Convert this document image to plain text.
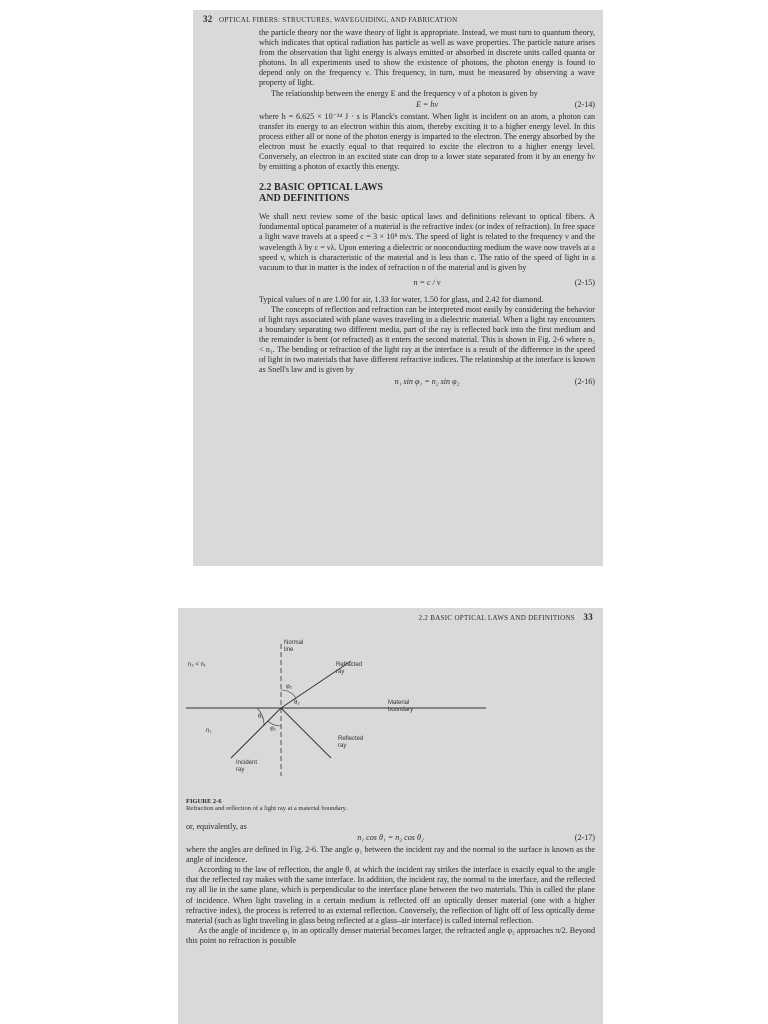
32 OPTICAL FIBERS: STRUCTURES, WAVEGUIDING, AND FABRICATION

the particle theory nor the wave theory of light is appropriate. Instead, we must turn to quantum theory, which indicates that optical radiation has particle as well as wave properties. The particle nature arises from the observation that light energy is always emitted or absorbed in discrete units called quanta or photons. In all experiments used to show the existence of photons, the photon energy is found to depend only on the frequency ν. This frequency, in turn, must be measured by observing a wave property of light.

The relationship between the energy E and the frequency ν of a photon is given by

E = hν	(2-14)

where h = 6.625 × 10⁻³⁴ J · s is Planck's constant. When light is incident on an atom, a photon can transfer its energy to an electron within this atom, thereby exciting it to a higher energy level. In this process either all or none of the photon energy is imparted to the electron. The energy absorbed by the electron must be exactly equal to that required to excite the electron to a higher energy level. Conversely, an electron in an excited state can drop to a lower state separated from it by an energy hν by emitting a photon of exactly this energy.

2.2 BASIC OPTICAL LAWS
AND DEFINITIONS

We shall next review some of the basic optical laws and definitions relevant to optical fibers. A fundamental optical parameter of a material is the refractive index (or index of refraction). In free space a light wave travels at a speed c = 3 × 10⁸ m/s. The speed of light is related to the frequency ν and the wavelength λ by c = νλ. Upon entering a dielectric or nonconducting medium the wave now travels at a speed v, which is characteristic of the material and is less than c. The ratio of the speed of light in a vacuum to that in matter is the index of refraction n of the material and is given by

n = c / v	(2-15)

Typical values of n are 1.00 for air, 1.33 for water, 1.50 for glass, and 2.42 for diamond.

The concepts of reflection and refraction can be interpreted most easily by considering the behavior of light rays associated with plane waves traveling in a dielectric material. When a light ray encounters a boundary separating two different media, part of the ray is reflected back into the first medium and the remainder is bent (or refracted) as it enters the second material. This is shown in Fig. 2-6 where n₂ < n₁. The bending or refraction of the light ray at the interface is a result of the difference in the speed of light in two materials that have different refractive indices. The relationship at the interface is known as Snell's law and is given by

n₁ sin φ₁ = n₂ sin φ₂	(2-16)
2.2 BASIC OPTICAL LAWS AND DEFINITIONS 33
n₂ < n₁
n₁
Normal
line
Refracted
ray
Material
boundary
Reflected
ray
Incident
ray
φ₂
θ₂
θ₁
φ₁
FIGURE 2-6
Refraction and reflection of a light ray at a material boundary.

or, equivalently, as

n₁ cos θ₁ = n₂ cos θ₂	(2-17)

where the angles are defined in Fig. 2-6. The angle φ₁ between the incident ray and the normal to the surface is known as the angle of incidence.

According to the law of reflection, the angle θ₁ at which the incident ray strikes the interface is exactly equal to the angle that the reflected ray makes with the same interface. In addition, the incident ray, the normal to the interface, and the reflected ray all lie in the same plane, which is perpendicular to the interface plane between the two materials. This is called the plane of incidence. When light traveling in a certain medium is reflected off an optically denser material (one with a higher refractive index), the process is referred to as external reflection. Conversely, the reflection of light off of less optically dense material (such as light traveling in glass being reflected at a glass–air interface) is called internal reflection.

As the angle of incidence φ₁ in an optically denser material becomes larger, the refracted angle φ₂ approaches π/2. Beyond this point no refraction is possible
